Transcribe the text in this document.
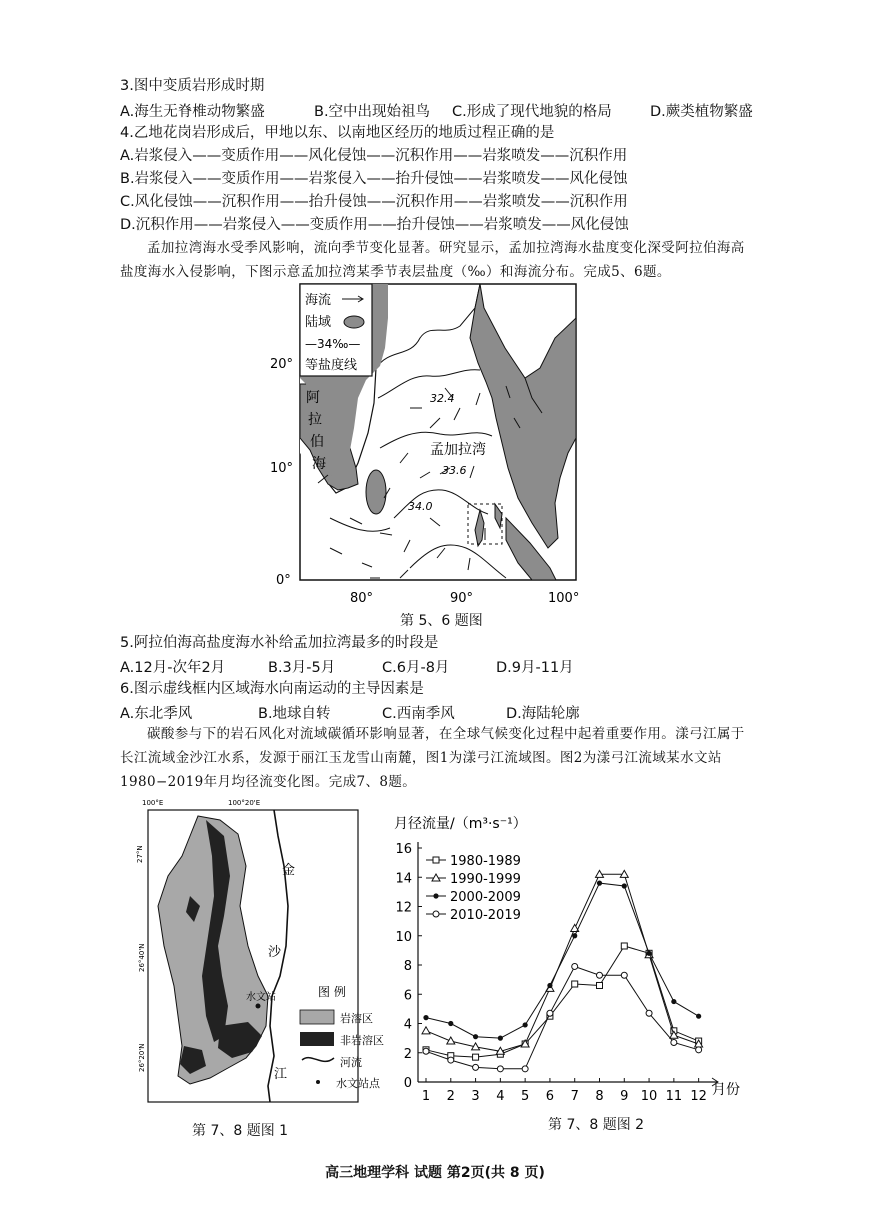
3.图中变质岩形成时期
A.海生无脊椎动物繁盛	B.空中出现始祖鸟 C.形成了现代地貌的格局	D.蕨类植物繁盛
4.乙地花岗岩形成后，甲地以东、以南地区经历的地质过程正确的是
A.岩浆侵入——变质作用——风化侵蚀——沉积作用——岩浆喷发——沉积作用
B.岩浆侵入——变质作用——岩浆侵入——抬升侵蚀——岩浆喷发——风化侵蚀
C.风化侵蚀——沉积作用——抬升侵蚀——沉积作用——岩浆喷发——沉积作用
D.沉积作用——岩浆侵入——变质作用——抬升侵蚀——岩浆喷发——风化侵蚀
孟加拉湾海水受季风影响，流向季节变化显著。研究显示，孟加拉湾海水盐度变化深受阿拉伯海高盐度海水入侵影响，下图示意孟加拉湾某季节表层盐度（‰）和海流分布。完成5、6题。
20°
10°
0°
80°	90°	100°
孟加拉湾
阿
拉
伯
海
32.4
33.6
34.0
海流
陆域
—34‰—
等盐度线
第 5、6 题图
5.阿拉伯海高盐度海水补给孟加拉湾最多的时段是
A.12月-次年2月	B.3月-5月	C.6月-8月	D.9月-11月
6.图示虚线框内区域海水向南运动的主导因素是
A.东北季风	B.地球自转	C.西南季风	D.海陆轮廓
碳酸参与下的岩石风化对流域碳循环影响显著，在全球气候变化过程中起着重要作用。漾弓江属于长江流域金沙江水系，发源于丽江玉龙雪山南麓，图1为漾弓江流域图。图2为漾弓江流域某水文站1980−2019年月均径流变化图。完成7、8题。
100°E	100°20'E
27°N
26°40'N
26°20'N
金
沙
江
水文站	图 例
岩溶区
非岩溶区
河流
水文站点
第 7、8 题图 1
月径流量/（m³·s⁻¹）
月份
0
2
4
6
8
10
12
14
16
1 2 3 4 5 6 7 8 9 10 11 12
1980-1989
1990-1999
2000-2009
2010-2019
第 7、8 题图 2
高三地理学科 试题 第2页(共 8 页)
